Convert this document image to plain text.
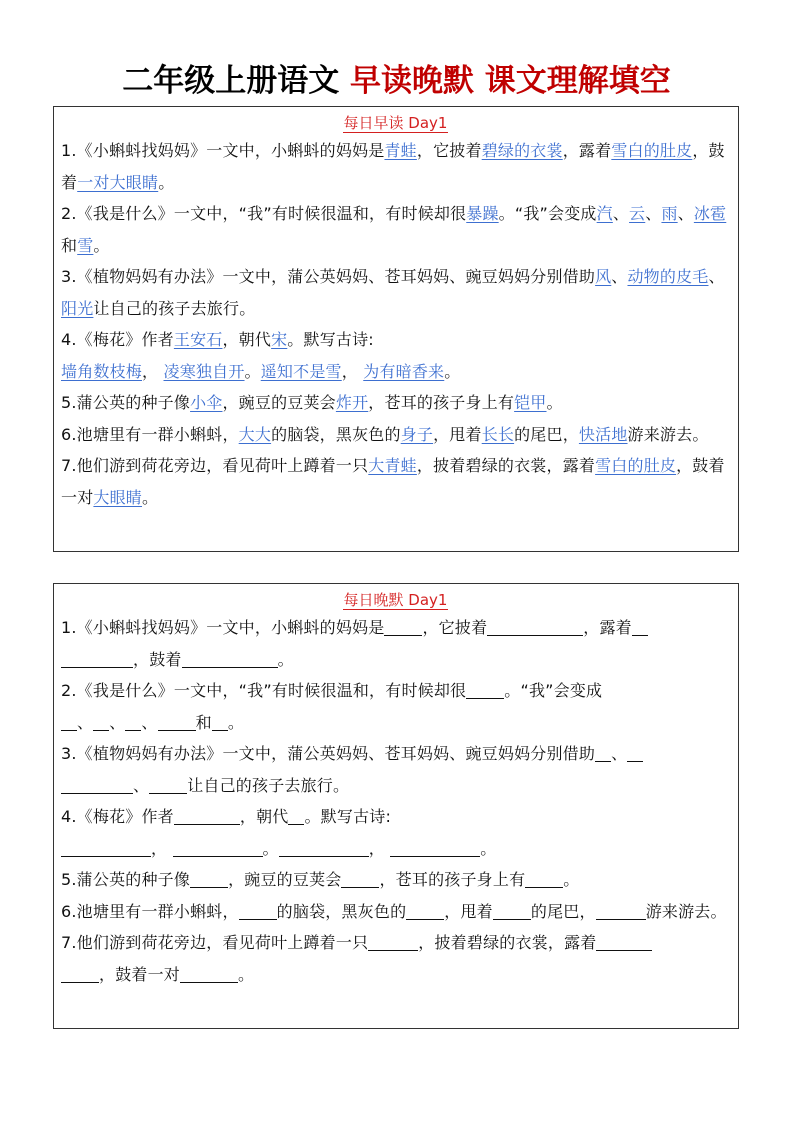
二年级上册语文 早读晚默 课文理解填空
每日早读 Day1
1.《小蝌蚪找妈妈》一文中，小蝌蚪的妈妈是青蛙，它披着碧绿的衣裳，露着雪白的肚皮，鼓着一对大眼睛。
2.《我是什么》一文中，“我”有时候很温和，有时候却很暴躁。“我”会变成汽、云、雨、冰雹和雪。
3.《植物妈妈有办法》一文中，蒲公英妈妈、苍耳妈妈、豌豆妈妈分别借助风、动物的皮毛、阳光让自己的孩子去旅行。
4.《梅花》作者王安石，朝代宋。默写古诗:
墙角数枝梅， 凌寒独自开。遥知不是雪， 为有暗香来。
5.蒲公英的种子像小伞，豌豆的豆荚会炸开，苍耳的孩子身上有铠甲。
6.池塘里有一群小蝌蚪，大大的脑袋，黑灰色的身子，甩着长长的尾巴，快活地游来游去。
7.他们游到荷花旁边，看见荷叶上蹲着一只大青蛙，披着碧绿的衣裳，露着雪白的肚皮，鼓着一对大眼睛。
每日晚默 Day1
1.《小蝌蚪找妈妈》一文中，小蝌蚪的妈妈是 ，它披着	，露着
，鼓着	。
2.《我是什么》一文中，“我”有时候很温和，有时候却很 。“我”会变成
、 、 、 和 。
3.《植物妈妈有办法》一文中，蒲公英妈妈、苍耳妈妈、豌豆妈妈分别借助 、
、 让自己的孩子去旅行。
4.《梅花》作者	，朝代 。默写古诗:
，	。	，	。
5.蒲公英的种子像 ，豌豆的豆荚会 ，苍耳的孩子身上有 。
6.池塘里有一群小蝌蚪， 的脑袋，黑灰色的 ，甩着 的尾巴，	游来游去。
7.他们游到荷花旁边，看见荷叶上蹲着一只	，披着碧绿的衣裳，露着
，鼓着一对	。
